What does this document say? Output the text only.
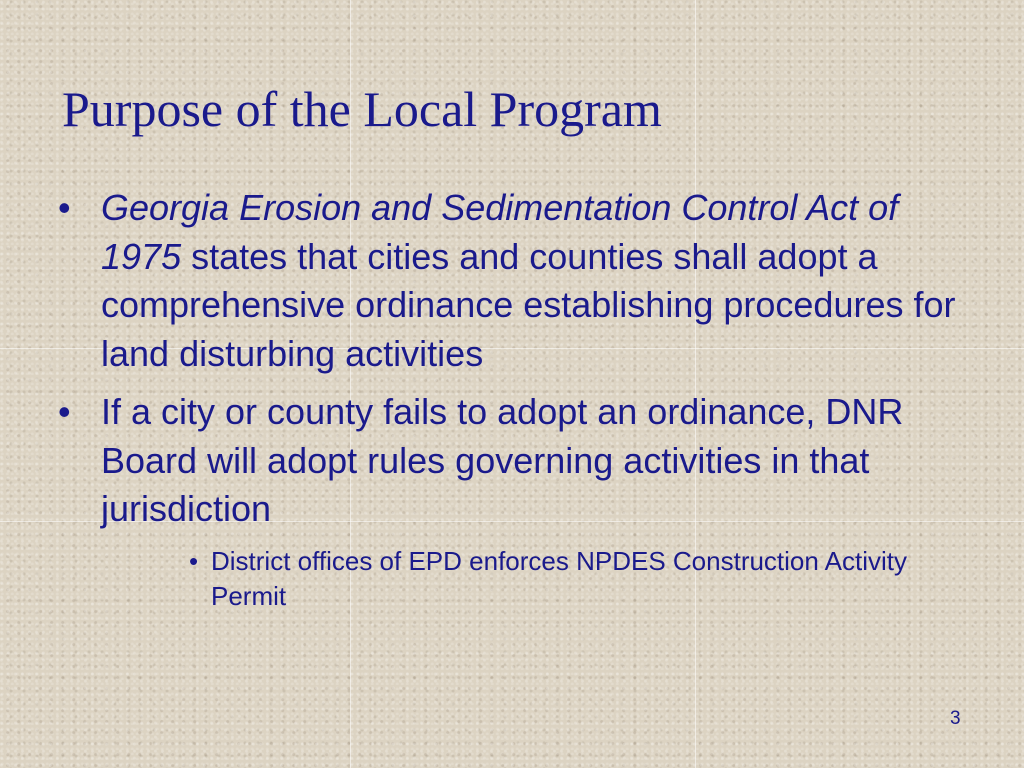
Purpose of the Local Program
• Georgia Erosion and Sedimentation Control Act of 1975 states that cities and counties shall adopt a comprehensive ordinance establishing procedures for land disturbing activities
• If a city or county fails to adopt an ordinance, DNR Board will adopt rules governing activities in that jurisdiction
• District offices of EPD enforces NPDES Construction Activity Permit
3
